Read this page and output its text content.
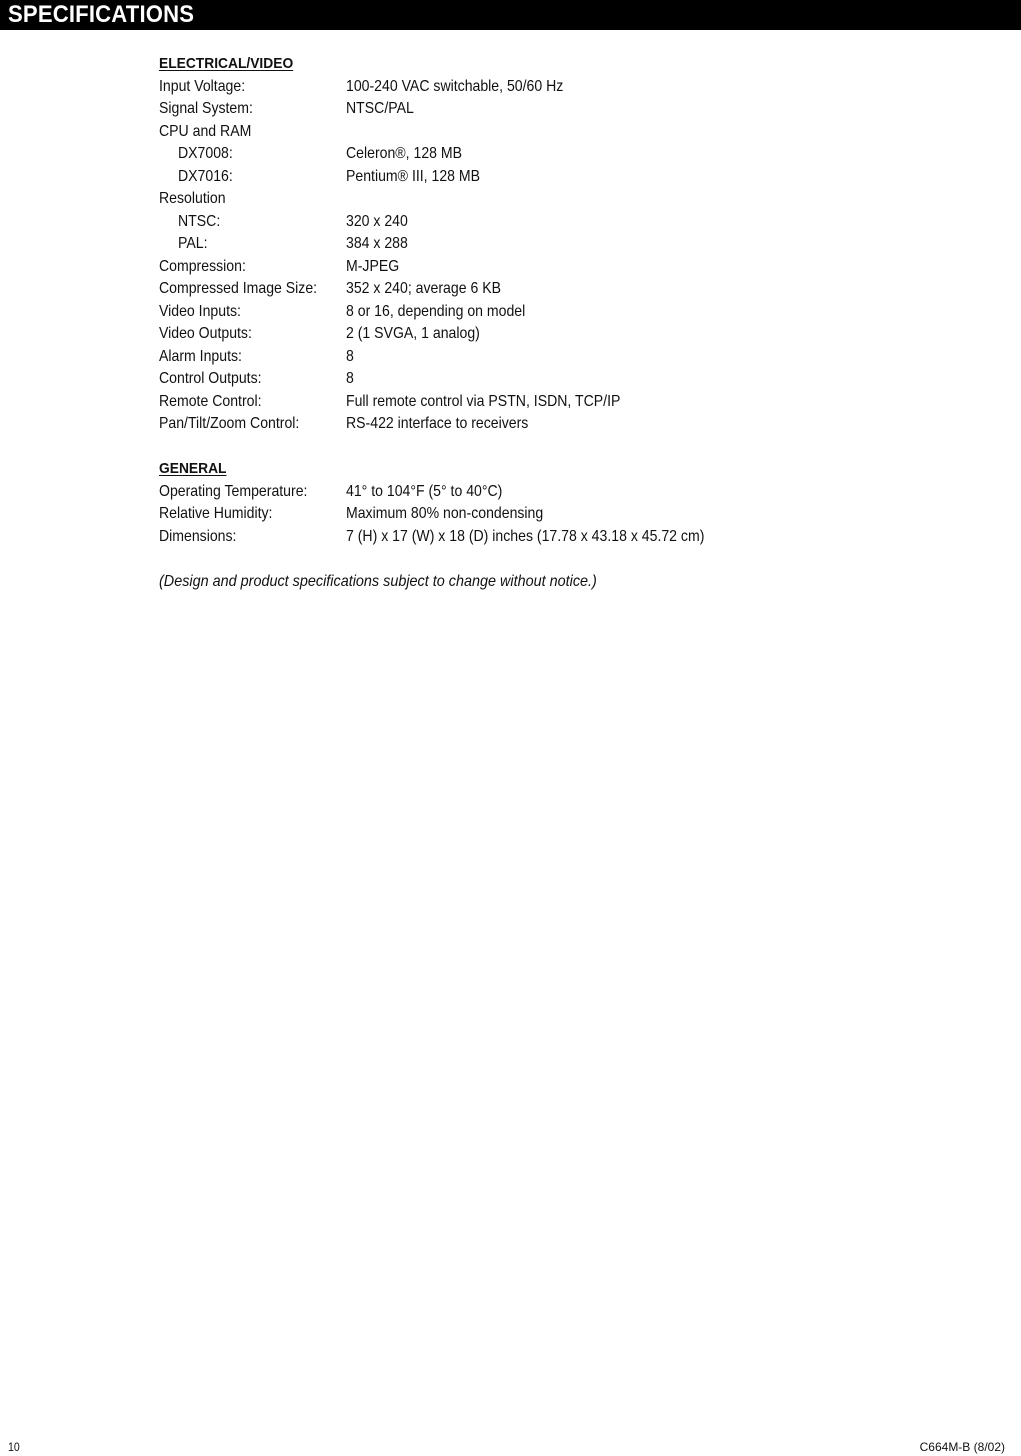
SPECIFICATIONS
ELECTRICAL/VIDEO
Input Voltage:	100-240 VAC switchable, 50/60 Hz
Signal System:	NTSC/PAL
CPU and RAM
DX7008:	Celeron®, 128 MB
DX7016:	Pentium® III, 128 MB
Resolution
NTSC:	320 x 240
PAL:	384 x 288
Compression:	M-JPEG
Compressed Image Size: 352 x 240; average 6 KB
Video Inputs:	8 or 16, depending on model
Video Outputs:	2 (1 SVGA, 1 analog)
Alarm Inputs:	8
Control Outputs:	8
Remote Control:	Full remote control via PSTN, ISDN, TCP/IP
Pan/Tilt/Zoom Control:	RS-422 interface to receivers
GENERAL
Operating Temperature: 41° to 104°F (5° to 40°C)
Relative Humidity:	Maximum 80% non-condensing
Dimensions:	7 (H) x 17 (W) x 18 (D) inches (17.78 x 43.18 x 45.72 cm)
(Design and product specifications subject to change without notice.)
10	C664M-B (8/02)
